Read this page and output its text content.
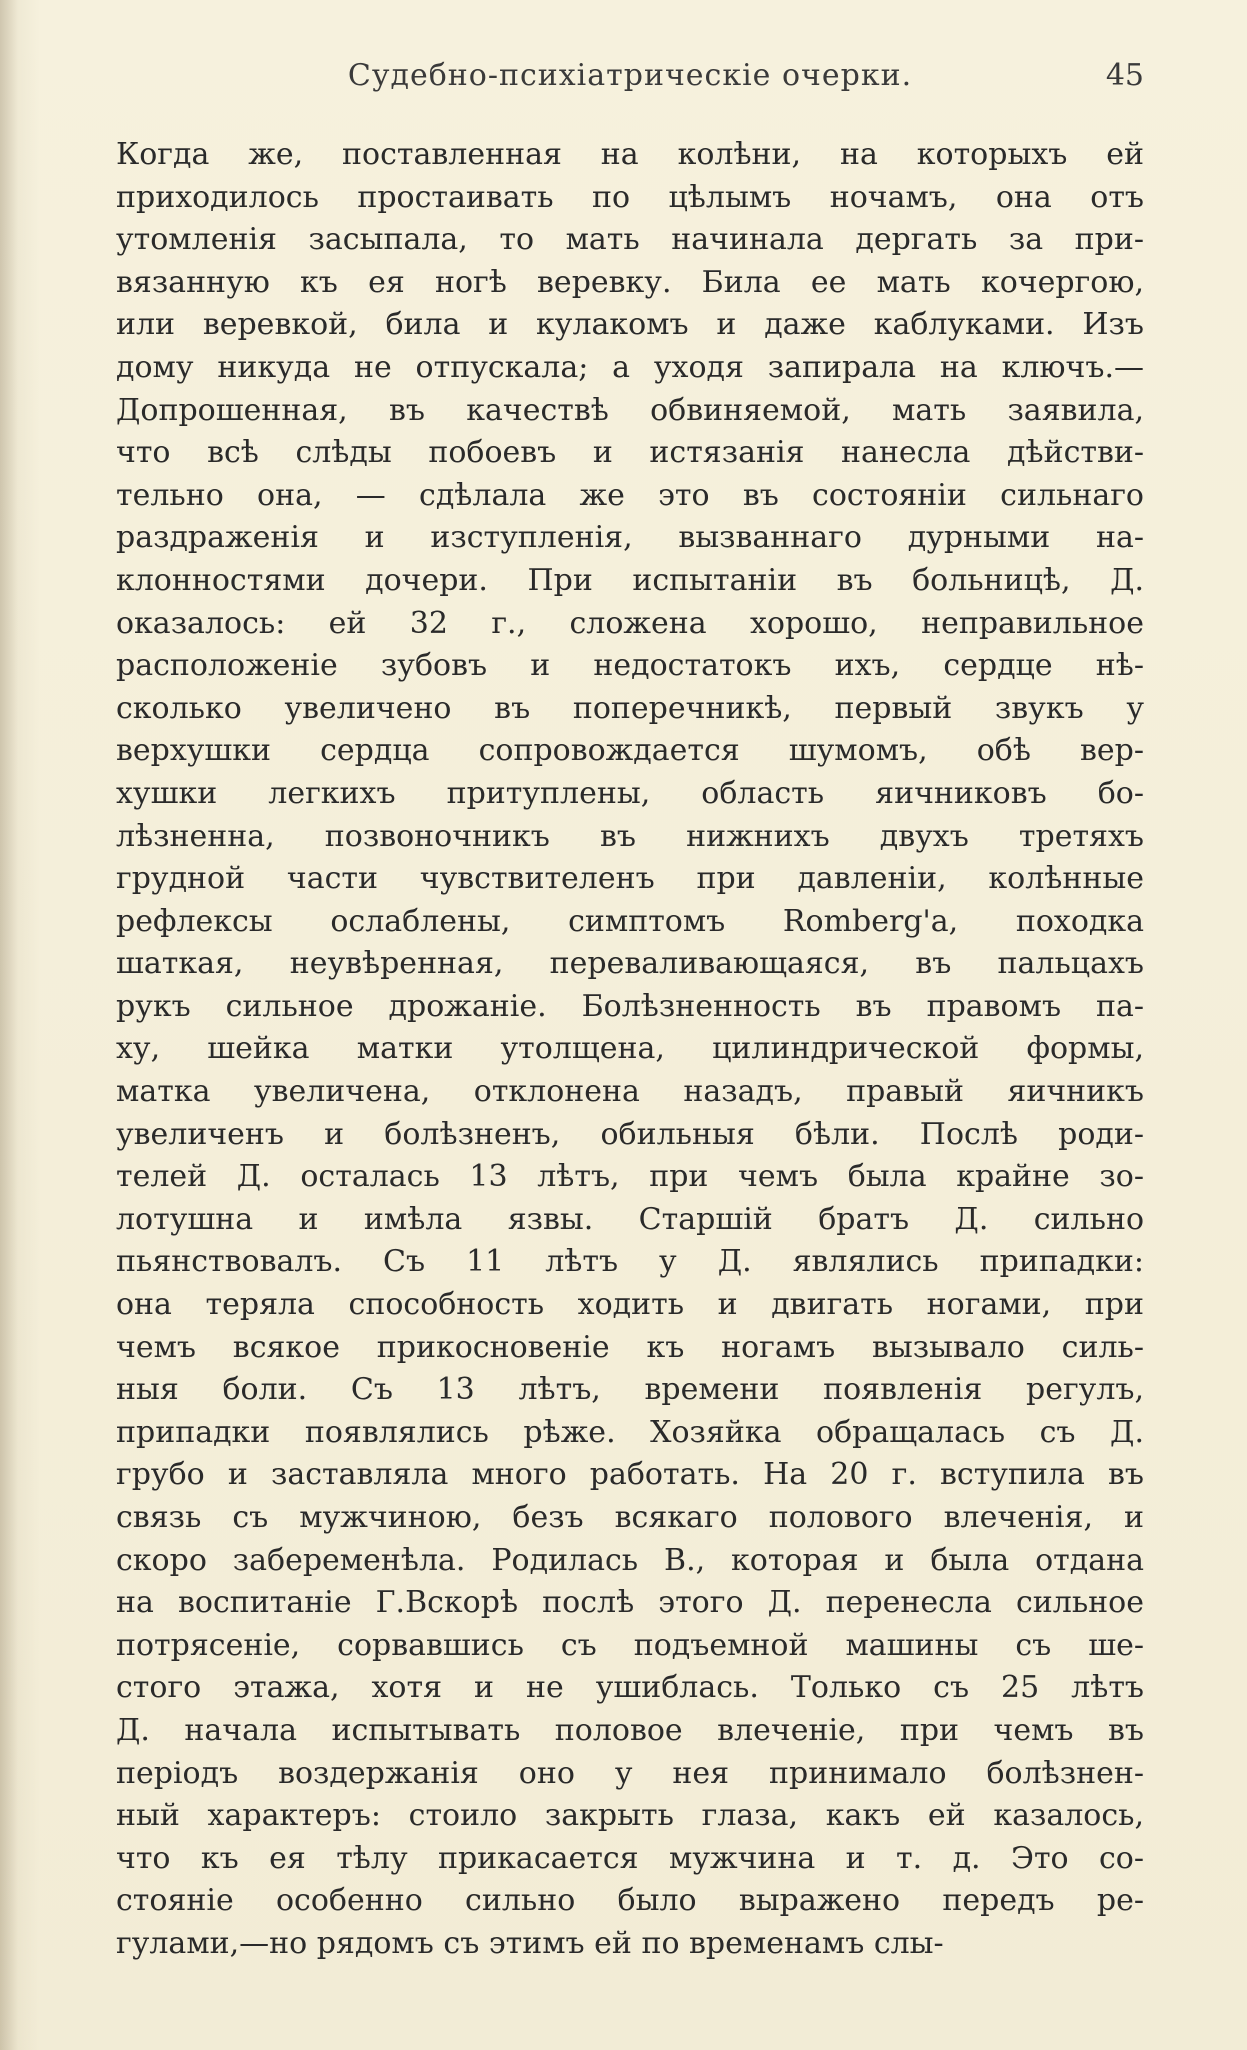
Судебно-психіатрическіе очерки.	45
Когда же, поставленная на колѣни, на которыхъ ей
приходилось простаивать по цѣлымъ ночамъ, она отъ
утомленія засыпала, то мать начинала дергать за при-
вязанную къ ея ногѣ веревку. Била ее мать кочергою,
или веревкой, била и кулакомъ и даже каблуками. Изъ
дому никуда не отпускала; а уходя запирала на ключъ.—
Допрошенная, въ качествѣ обвиняемой, мать заявила,
что всѣ слѣды побоевъ и истязанія нанесла дѣйстви-
тельно она, — сдѣлала же это въ состояніи сильнаго
раздраженія и изступленія, вызваннаго дурными на-
клонностями дочери. При испытаніи въ больницѣ, Д.
оказалось: ей 32 г., сложена хорошо, неправильное
расположеніе зубовъ и недостатокъ ихъ, сердце нѣ-
сколько увеличено въ поперечникѣ, первый звукъ у
верхушки сердца сопровождается шумомъ, обѣ вер-
хушки легкихъ притуплены, область яичниковъ бо-
лѣзненна, позвоночникъ въ нижнихъ двухъ третяхъ
грудной части чувствителенъ при давленіи, колѣнные
рефлексы ослаблены, симптомъ Romberg'а, походка
шаткая, неувѣренная, переваливающаяся, въ пальцахъ
рукъ сильное дрожаніе. Болѣзненность въ правомъ па-
ху, шейка матки утолщена, цилиндрической формы,
матка увеличена, отклонена назадъ, правый яичникъ
увеличенъ и болѣзненъ, обильныя бѣли. Послѣ роди-
телей Д. осталась 13 лѣтъ, при чемъ была крайне зо-
лотушна и имѣла язвы. Старшій братъ Д. сильно
пьянствовалъ. Съ 11 лѣтъ у Д. являлись припадки:
она теряла способность ходить и двигать ногами, при
чемъ всякое прикосновеніе къ ногамъ вызывало силь-
ныя боли. Съ 13 лѣтъ, времени появленія регулъ,
припадки появлялись рѣже. Хозяйка обращалась съ Д.
грубо и заставляла много работать. На 20 г. вступила въ
связь съ мужчиною, безъ всякаго полового влеченія, и
скоро забеременѣла. Родилась В., которая и была отдана
на воспитаніе Г.Вскорѣ послѣ этого Д. перенесла сильное
потрясеніе, сорвавшись съ подъемной машины съ ше-
стого этажа, хотя и не ушиблась. Только съ 25 лѣтъ
Д. начала испытывать половое влеченіе, при чемъ въ
періодъ воздержанія оно у нея принимало болѣзнен-
ный характеръ: стоило закрыть глаза, какъ ей казалось,
что къ ея тѣлу прикасается мужчина и т. д. Это со-
стояніе особенно сильно было выражено передъ ре-
гулами,—но рядомъ съ этимъ ей по временамъ слы-
